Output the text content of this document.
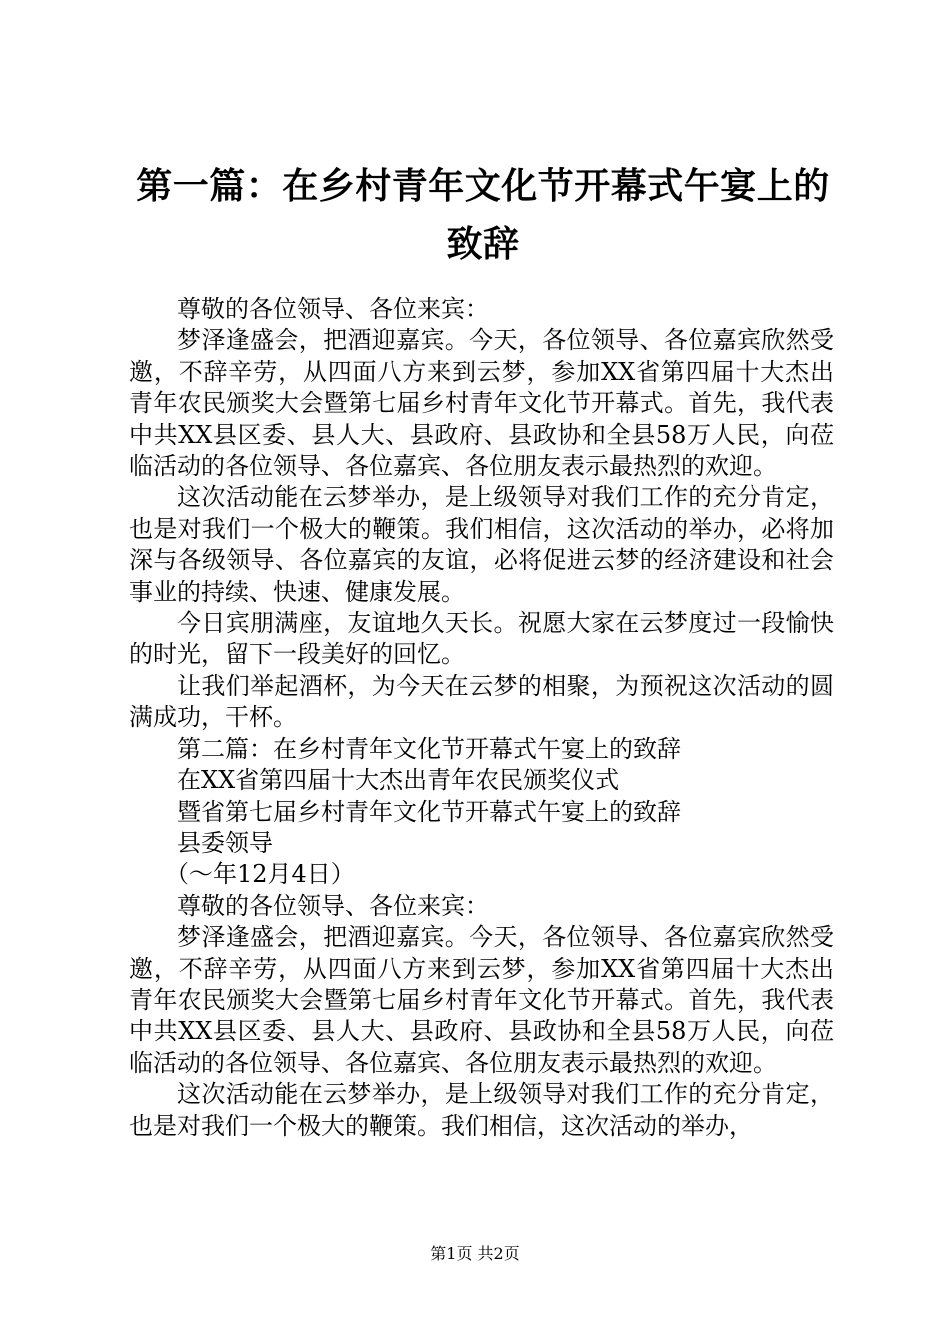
第一篇：在乡村青年文化节开幕式午宴上的致辞

尊敬的各位领导、各位来宾：

梦泽逢盛会，把酒迎嘉宾。今天，各位领导、各位嘉宾欣然受邀，不辞辛劳，从四面八方来到云梦，参加XX省第四届十大杰出青年农民颁奖大会暨第七届乡村青年文化节开幕式。首先，我代表中共XX县区委、县人大、县政府、县政协和全县58万人民，向莅临活动的各位领导、各位嘉宾、各位朋友表示最热烈的欢迎。

这次活动能在云梦举办，是上级领导对我们工作的充分肯定，也是对我们一个极大的鞭策。我们相信，这次活动的举办，必将加深与各级领导、各位嘉宾的友谊，必将促进云梦的经济建设和社会事业的持续、快速、健康发展。

今日宾朋满座，友谊地久天长。祝愿大家在云梦度过一段愉快的时光，留下一段美好的回忆。

让我们举起酒杯，为今天在云梦的相聚，为预祝这次活动的圆满成功，干杯。

第二篇：在乡村青年文化节开幕式午宴上的致辞

在XX省第四届十大杰出青年农民颁奖仪式

暨省第七届乡村青年文化节开幕式午宴上的致辞

县委领导

（～年12月4日）

尊敬的各位领导、各位来宾：

梦泽逢盛会，把酒迎嘉宾。今天，各位领导、各位嘉宾欣然受邀，不辞辛劳，从四面八方来到云梦，参加XX省第四届十大杰出青年农民颁奖大会暨第七届乡村青年文化节开幕式。首先，我代表中共XX县区委、县人大、县政府、县政协和全县58万人民，向莅临活动的各位领导、各位嘉宾、各位朋友表示最热烈的欢迎。

这次活动能在云梦举办，是上级领导对我们工作的充分肯定，也是对我们一个极大的鞭策。我们相信，这次活动的举办，

第1页 共2页
